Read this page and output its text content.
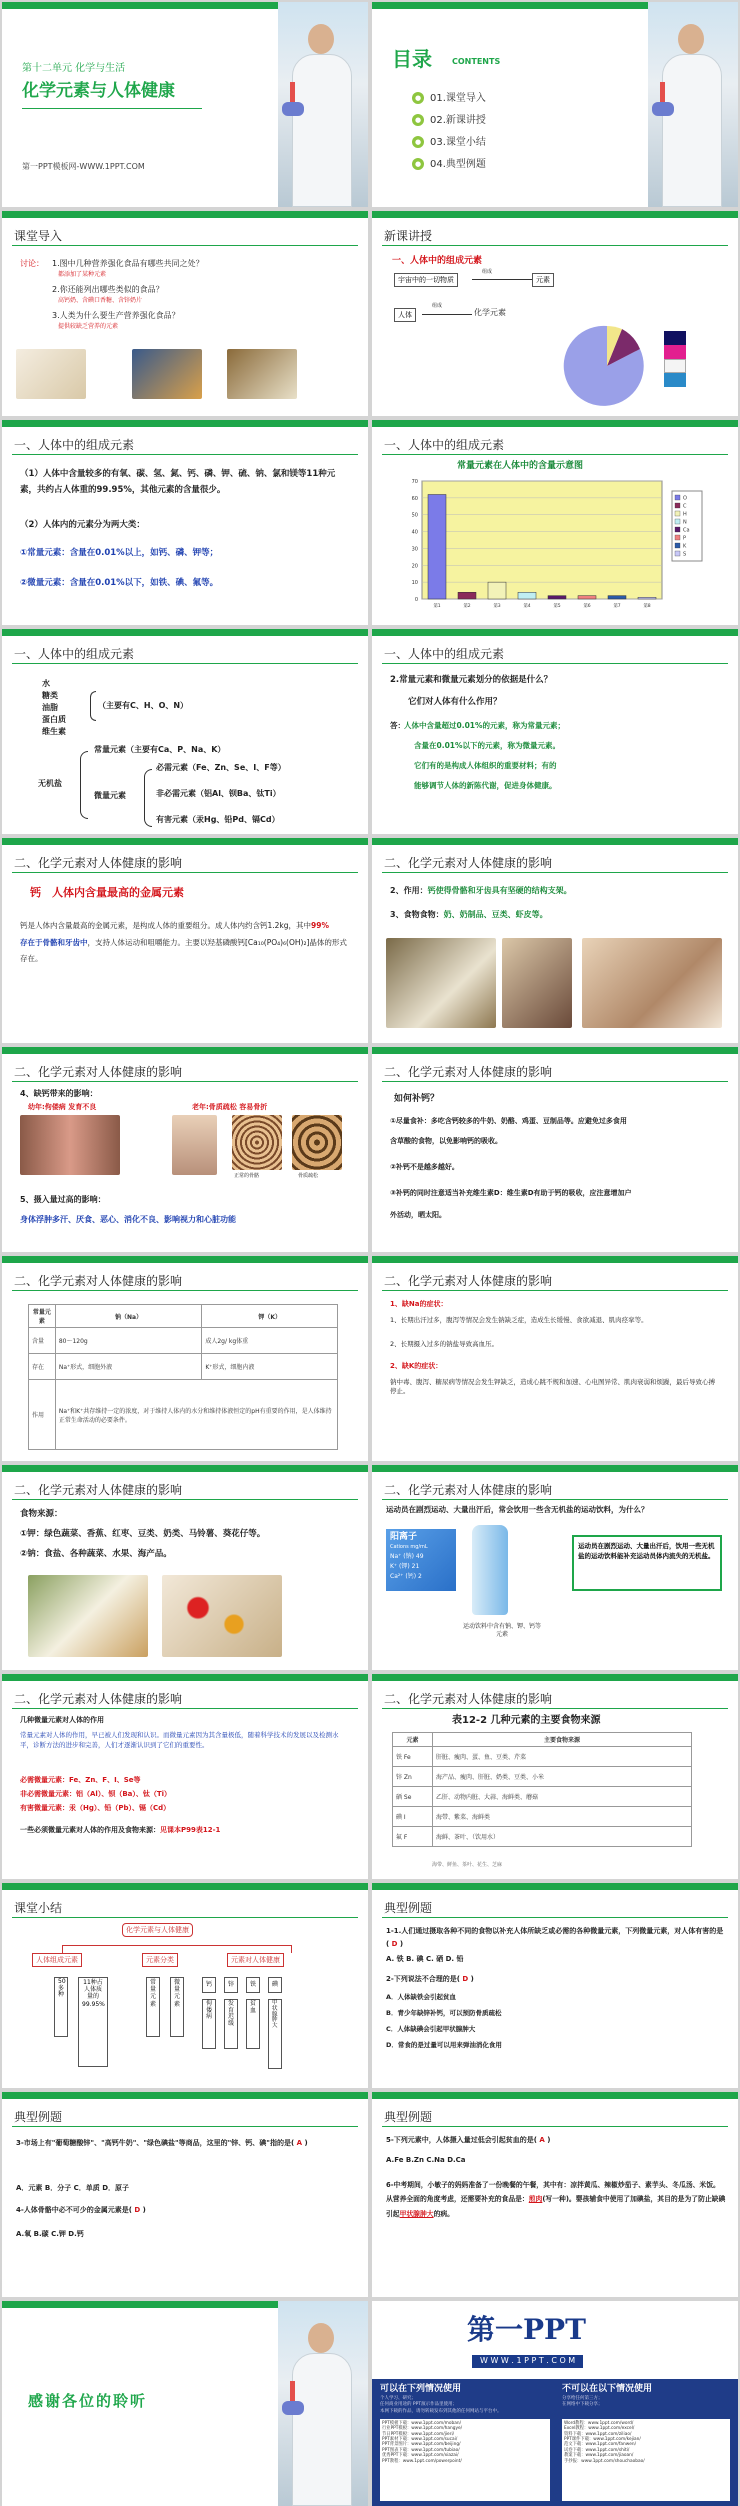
第十二单元 化学与生活
化学元素与人体健康
第一PPT模板网-WWW.1PPT.COM
目录	CONTENTS
● 01.课堂导入
● 02.新课讲授
● 03.课堂小结
● 04.典型例题
课堂导入
讨论： 1.图中几种营养强化食品有哪些共同之处？
都添加了某种元素
2.你还能列出哪些类似的食品？
高钙奶、含碘口香糖、含锌奶片
3.人类为什么要生产营养强化食品？
提供较缺乏营养的元素
新课讲授
一、人体中的组成元素
宇宙中的一切物质
组成
元素
人体
组成
化学元素
一、人体中的组成元素
（1）人体中含量较多的有氧、碳、氢、氮、钙、磷、钾、硫、钠、氯和镁等11种元素，共约占人体重的99.95%，其他元素的含量很少。
（2）人体内的元素分为两大类：
①常量元素：含量在0.01%以上，如钙、磷、钾等；
②微量元素：含量在0.01%以下，如铁、碘、氟等。
一、人体中的组成元素
常量元素在人体中的含量示意图
0
10
20
30
40
50
60
70
第1	第2	第3	第4	第5	第6	第7	第8
O
C
H
N
Ca
P
K
S
一、人体中的组成元素
水
糖类
油脂
蛋白质
维生素
（主要有C、H、O、N）
无机盐
常量元素（主要有Ca、P、Na、K）
微量元素
必需元素（Fe、Zn、Se、I、F等）
非必需元素（铝Al、钡Ba、钛Ti）
有害元素（汞Hg、铅Pd、镉Cd）
一、人体中的组成元素
2.常量元素和微量元素划分的依据是什么？
它们对人体有什么作用？
答： 人体中含量超过0.01%的元素，称为常量元素；
含量在0.01%以下的元素，称为微量元素。
它们有的是构成人体组织的重要材料；有的
能够调节人体的新陈代谢，促进身体健康。
二、化学元素对人体健康的影响
钙 人体内含量最高的金属元素
钙是人体内含量最高的金属元素，是构成人体的重要组分。成人体内约含钙1.2kg，其中99%
存在于骨骼和牙齿中，支持人体运动和咀嚼能力。主要以羟基磷酸钙[Ca₁₀(PO₄)₆(OH)₂]晶体的形式存在。
二、化学元素对人体健康的影响
2、作用：钙使得骨骼和牙齿具有坚硬的结构支架。
3、食物食物：奶、奶制品、豆类、虾皮等。
二、化学元素对人体健康的影响
4、缺钙带来的影响：
幼年:佝偻病 发育不良	老年:骨质疏松 容易骨折
正常的骨骼	骨质疏松
5、摄入量过高的影响：
身体浮肿多汗、厌食、恶心、消化不良、影响视力和心脏功能
二、化学元素对人体健康的影响
如何补钙？
①尽量食补：多吃含钙较多的牛奶、奶酪、鸡蛋、豆制品等。应避免过多食用
含草酸的食物，以免影响钙的吸收。
②补钙不是越多越好。
③补钙的同时注意适当补充维生素D：维生素D有助于钙的吸收，应注意增加户
外活动，晒太阳。
二、化学元素对人体健康的影响
常量元素	钠（Na）	钾（K）
含量	80～120g	成人2g/ kg体重
存在	Na⁺形式，细胞外液	K⁺形式，细胞内液
作用	Na⁺和K⁺共存维持一定的浓度，对于维持人体内的水分和维持体液恒定的pH有重要的作用，是人体维持正常生命活动的必要条件。	
二、化学元素对人体健康的影响
1、缺Na的症状：
1、长期出汗过多，腹泻等情况会发生钠缺乏症，造成生长缓慢、食欲减退、肌肉痉挛等。
2、长期摄入过多的钠盐导致高血压。
2、缺K的症状：
钠中毒、腹泻、糖尿病等情况会发生钾缺乏，造成心跳不规和加速、心电图异常、肌肉衰弱和烦躁，最后导致心搏停止。
二、化学元素对人体健康的影响
食物来源：
①钾：绿色蔬菜、香蕉、红枣、豆类、奶类、马铃薯、葵花仔等。
②钠：食盐、各种蔬菜、水果、海产品。
二、化学元素对人体健康的影响
运动员在剧烈运动、大量出汗后，常会饮用一些含无机盐的运动饮料，为什么？
阳离子
Cations mg/mL
Na⁺ (钠) 49
K⁺ (钾) 21
Ca²⁺ (钙) 2
运动饮料中含有钠、钾、钙等元素
运动员在剧烈运动、大量出汗后，饮用一些无机盐的运动饮料能补充运动员体内流失的无机盐。
二、化学元素对人体健康的影响
几种微量元素对人体的作用
常量元素对人体的作用，早已被人们发现和认识。而微量元素因为其含量极低，随着科学技术的发展以及检测水平，诊断方法的进步和完善，人们才逐渐认识到了它们的重要性。
必需微量元素：Fe、Zn、F、I、Se等
非必需微量元素：铝（Al）、钡（Ba）、钛（Ti）
有害微量元素：汞（Hg）、铅（Pb）、镉（Cd）
一些必须微量元素对人体的作用及食物来源：见课本P99表12-1
二、化学元素对人体健康的影响
表12-2 几种元素的主要食物来源
元素	主要食物来源
铁 Fe	肝脏、瘦肉、蛋、鱼、豆类、芹菜
锌 Zn	海产品、瘦肉、肝脏、奶类、豆类、小米
硒 Se	乙肝、动物内脏、大蒜、海鲜类、蘑菇
碘 I	海带、紫菜、海鲜类
氟 F	海鲜、茶叶、（饮用水）
海带、鲜鱼、茶叶、花生、芝麻
课堂小结
化学元素与人体健康
人体组成元素	元素分类	元素对人体健康
50多种
11种占人体质量的99.95%
常量元素
微量元素
钙	锌	铁	碘
佝偻病
发育迟缓
贫血
甲状腺肿大
典型例题
1-1.人们通过摄取各种不同的食物以补充人体所缺乏或必需的各种微量元素，下列微量元素，对人体有害的是( D )
A. 铁 B. 碘 C. 硒 D. 铅
2-下列说法不合理的是( D )
A．人体缺铁会引起贫血
B．青少年缺锌补钙，可以预防骨质疏松
C．人体缺碘会引起甲状腺肿大
D．常食的是过量可以用来弹油消化食用
典型例题
3-市场上有"葡萄糖酸锌"、"高钙牛奶"、"绿色碘盐"等商品，这里的"锌、钙、碘"指的是( A )
A．元素 B．分子 C．单质 D．原子
4-人体骨骼中必不可少的金属元素是( D )
A.氧 B.碳 C.钾 D.钙
典型例题
5-下列元素中，人体摄入量过低会引起贫血的是( A )
A.Fe B.Zn C.Na D.Ca
6-中考期间，小敏子的妈妈准备了一份晚餐的午餐，其中有：凉拌黄瓜、辣椒炒茄子、素芋头、冬瓜汤、米饭。从营养全面的角度考虑，还需要补充的食品是：煎肉(写一种)。婴孩辅食中使用了加碘盐，其目的是为了防止缺碘引起甲状腺肿大的病。
感谢各位的聆听
第一PPT
W W W . 1 P P T . C O M
可以在下列情况使用	不可以在以下情况使用
个人学习、研究；
任何商业用途的 PPT演示作品里使用；
本网下载的作品，请勿转载发布到其他的任何网站与平台中。
分享给任何第三方；
在网络中下载分享；
PPT模板下载：www.1ppt.com/moban/
行业PPT模板：www.1ppt.com/hangye/
节日PPT模板：www.1ppt.com/jieri/
PPT素材下载：www.1ppt.com/sucai/
PPT背景图片：www.1ppt.com/beijing/
PPT图表下载：www.1ppt.com/tubiao/
优秀PPT下载：www.1ppt.com/xiazai/
PPT教程：www.1ppt.com/powerpoint/
Word教程：www.1ppt.com/word/
Excel教程：www.1ppt.com/excel/
资料下载：www.1ppt.com/ziliao/
PPT课件下载：www.1ppt.com/kejian/
范文下载：www.1ppt.com/fanwen/
试卷下载：www.1ppt.com/shiti/
教案下载：www.1ppt.com/jiaoan/
手抄报：www.1ppt.com/shouchaobao/
